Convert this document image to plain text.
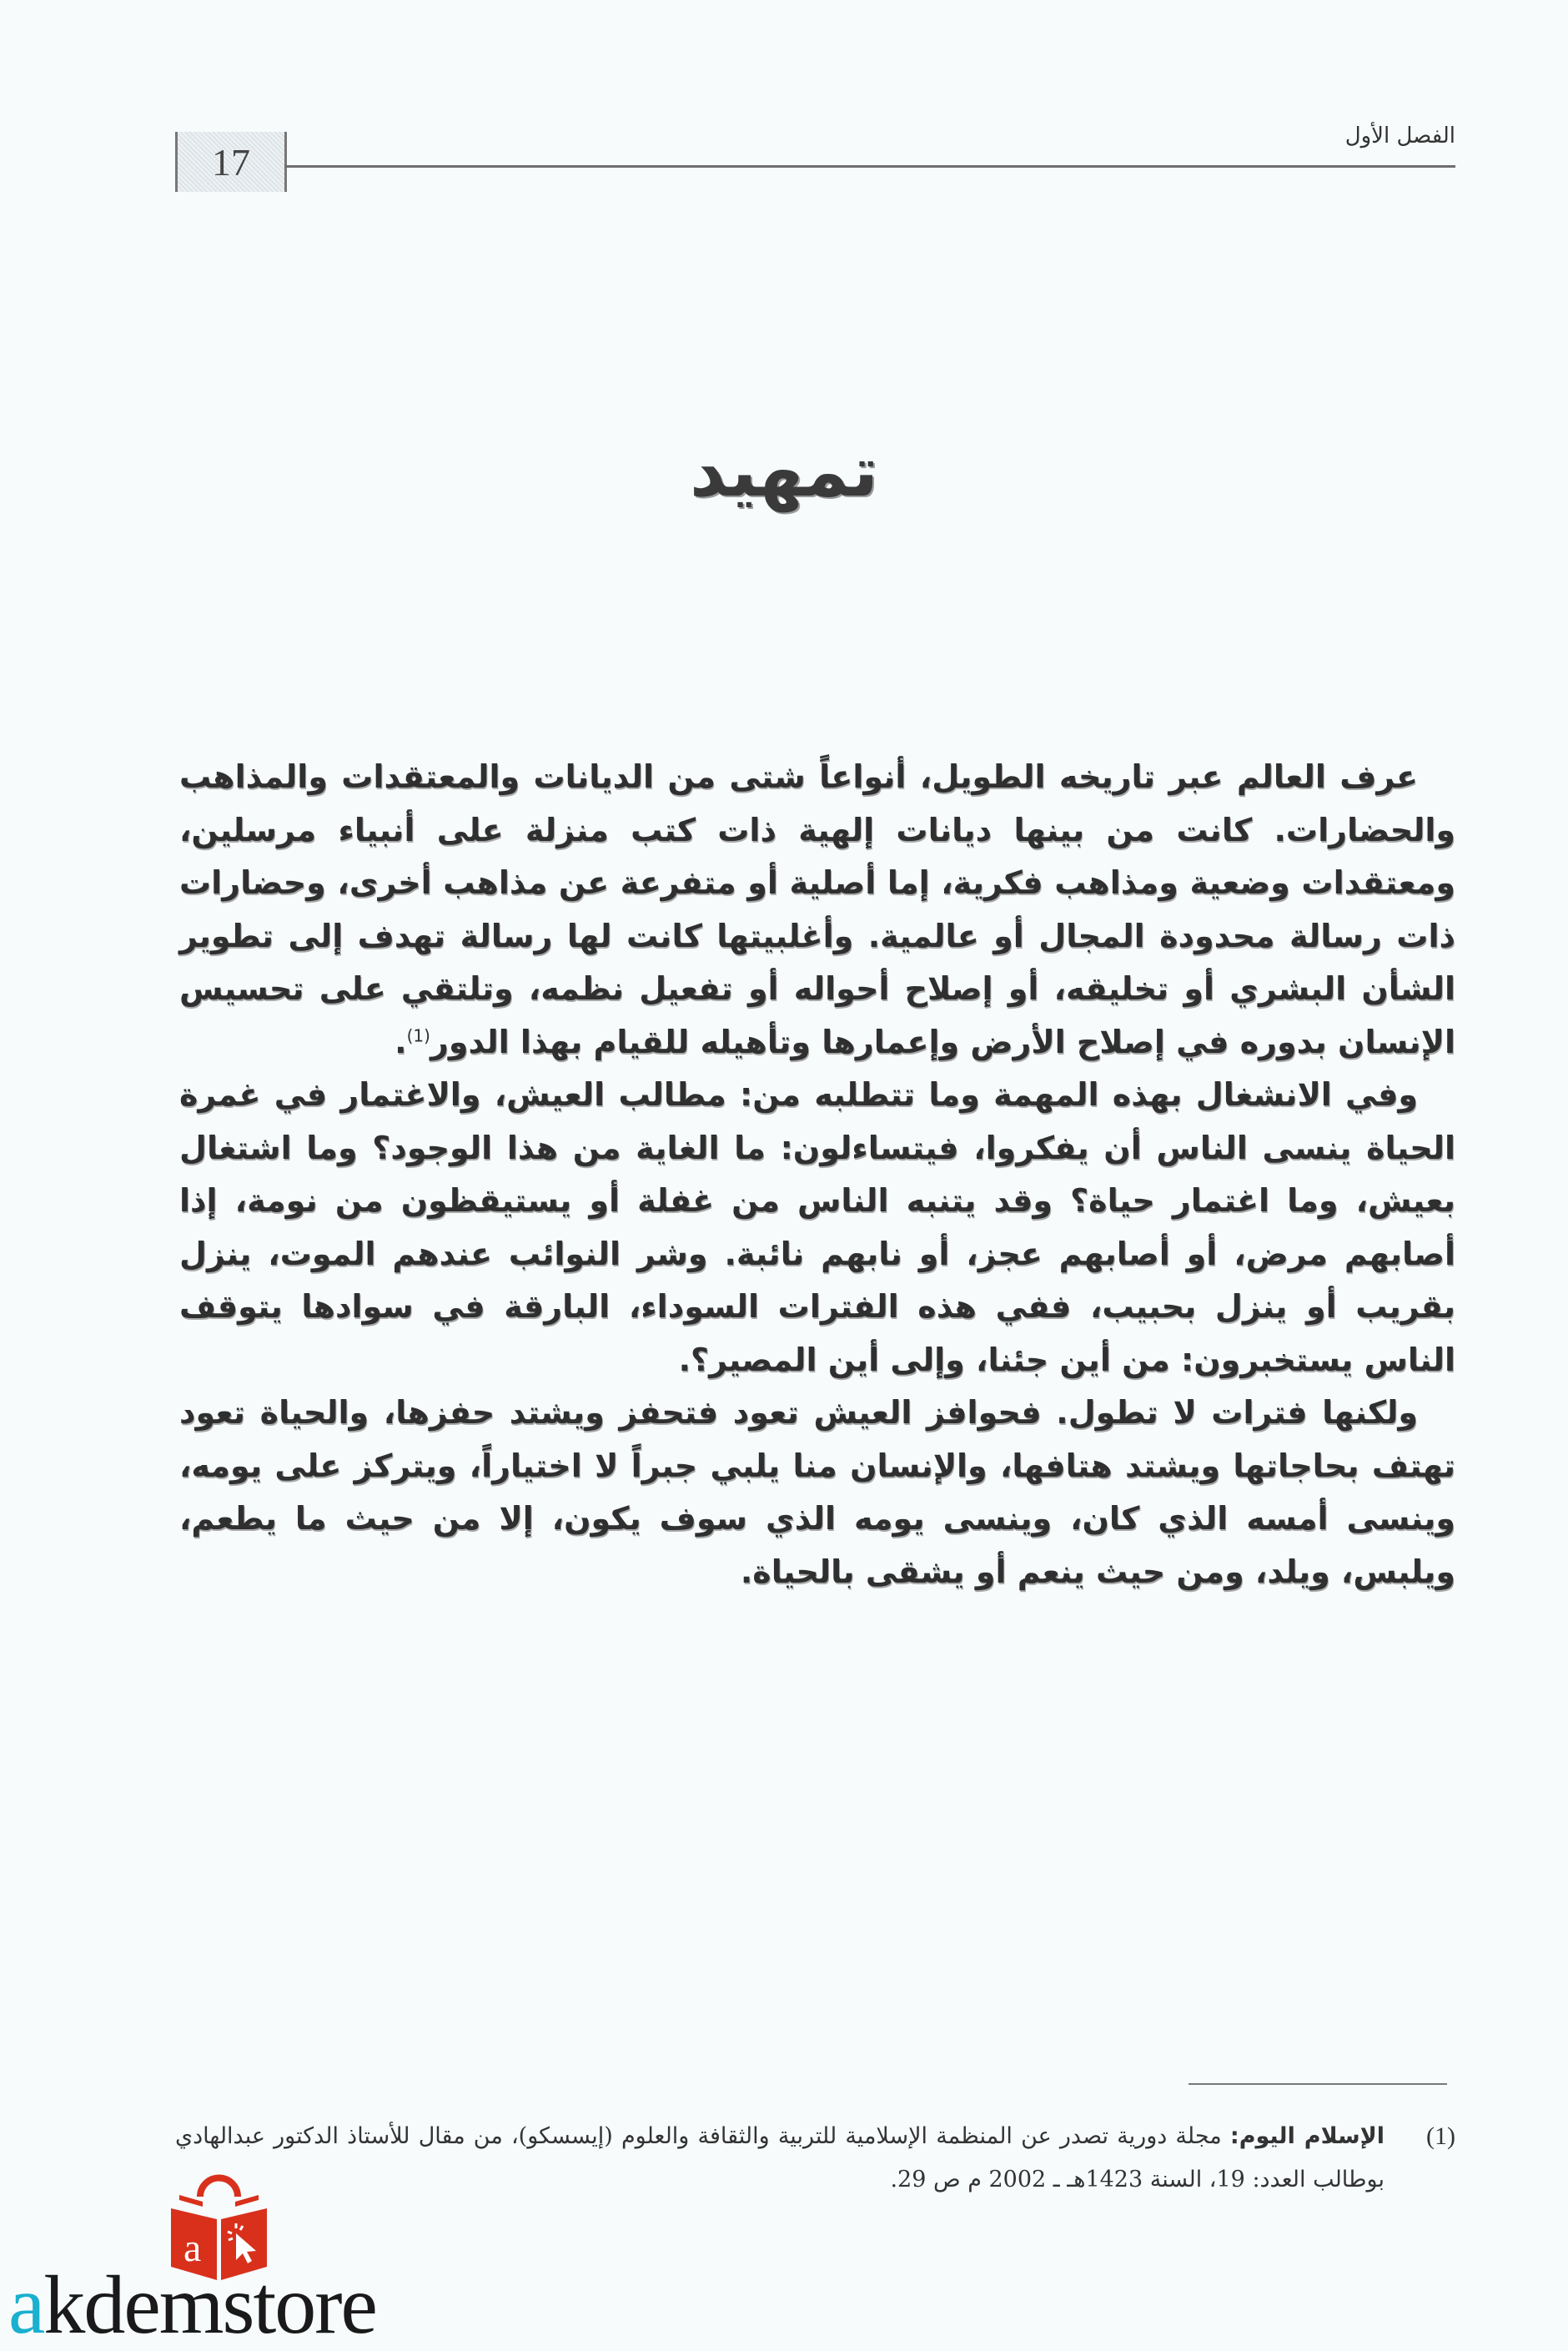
17
الفصل الأول
تمهيد

عرف العالم عبر تاريخه الطويل، أنواعاً شتى من الديانات والمعتقدات والمذاهب والحضارات. كانت من بينها ديانات إلهية ذات كتب منزلة على أنبياء مرسلين، ومعتقدات وضعية ومذاهب فكرية، إما أصلية أو متفرعة عن مذاهب أخرى، وحضارات ذات رسالة محدودة المجال أو عالمية. وأغلبيتها كانت لها رسالة تهدف إلى تطوير الشأن البشري أو تخليقه، أو إصلاح أحواله أو تفعيل نظمه، وتلتقي على تحسيس الإنسان بدوره في إصلاح الأرض وإعمارها وتأهيله للقيام بهذا الدور$^{(1)}$.

وفي الانشغال بهذه المهمة وما تتطلبه من: مطالب العيش، والاغتمار في غمرة الحياة ينسى الناس أن يفكروا، فيتساءلون: ما الغاية من هذا الوجود؟ وما اشتغال بعيش، وما اغتمار حياة؟ وقد يتنبه الناس من غفلة أو يستيقظون من نومة، إذا أصابهم مرض، أو أصابهم عجز، أو نابهم نائبة. وشر النوائب عندهم الموت، ينزل بقريب أو ينزل بحبيب، ففي هذه الفترات السوداء، البارقة في سوادها يتوقف الناس يستخبرون: من أين جئنا، وإلى أين المصير؟.

ولكنها فترات لا تطول. فحوافز العيش تعود فتحفز ويشتد حفزها، والحياة تعود تهتف بحاجاتها ويشتد هتافها، والإنسان منا يلبي جبراً لا اختياراً، ويتركز على يومه، وينسى أمسه الذي كان، وينسى يومه الذي سوف يكون، إلا من حيث ما يطعم، ويلبس، ويلد، ومن حيث ينعم أو يشقى بالحياة.

(1)
الإسلام اليوم: مجلة دورية تصدر عن المنظمة الإسلامية للتربية والثقافة والعلوم (إيسسكو)، من مقال للأستاذ الدكتور عبدالهادي بوطالب العدد: 19، السنة 1423هـ ـ 2002 م ص 29.

a
akdemstore
